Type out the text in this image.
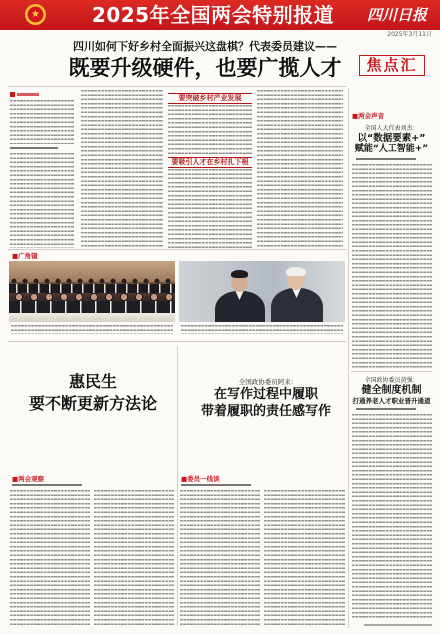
★	2025年全国两会特别报道	四川日报
2025年3月11日
四川如何下好乡村全面振兴这盘棋？代表委员建议——
既要升级硬件，也要广揽人才	焦点汇
要突破乡村产业发展
要吸引人才在乡村扎下根
■两会声音
全国人大代表刘杰：
以“数据要素+”
赋能“人工智能+”
全国政协委员黄强：
健全制度机制
打通养老人才职业晋升通道
■广角镜
惠民生
要不断更新方法论
■两会观察
全国政协委员阿来：
在写作过程中履职
带着履职的责任感写作
■委员一线谈
